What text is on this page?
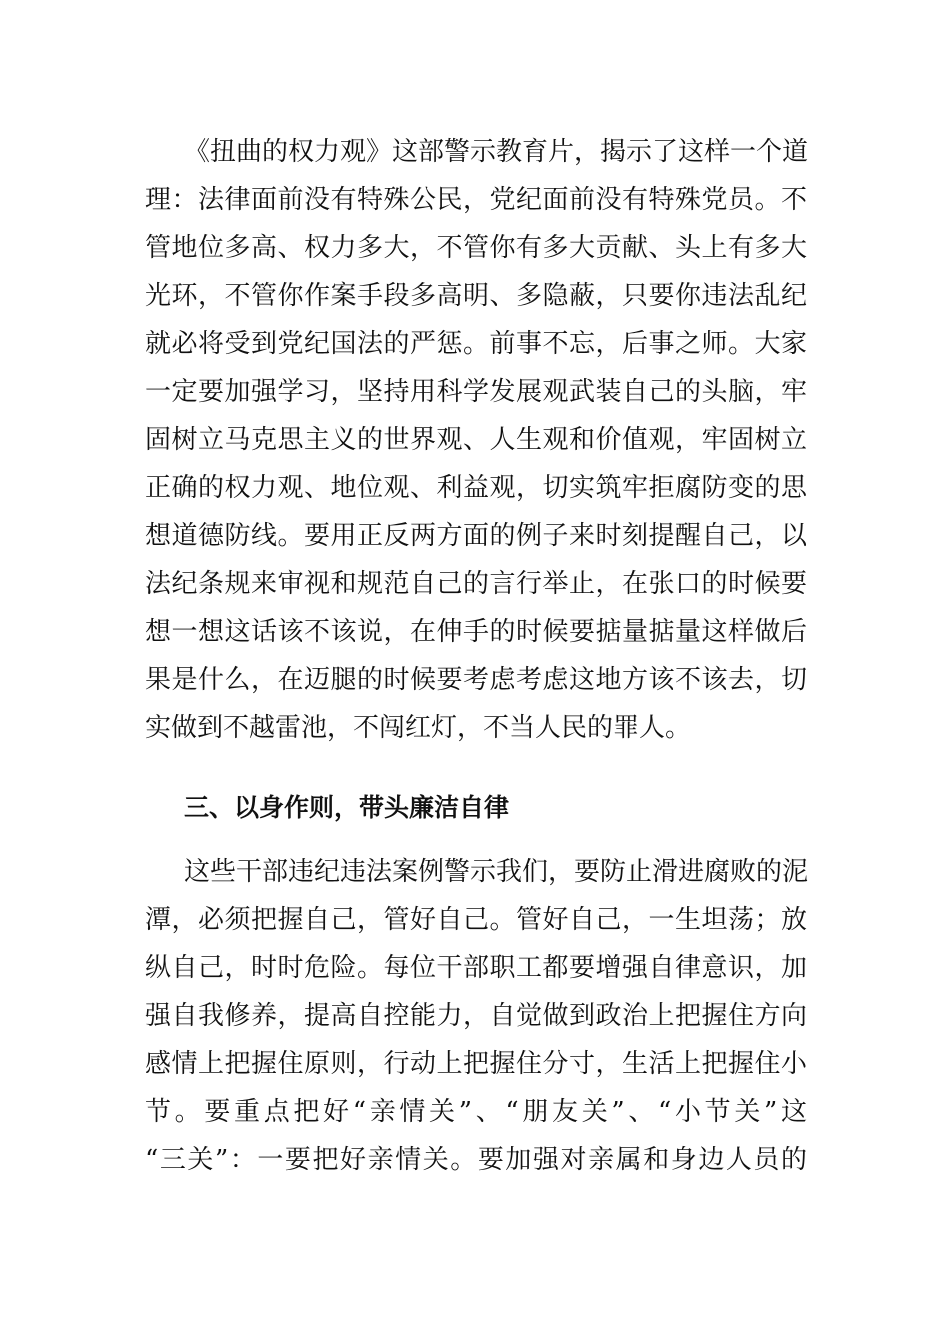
《扭曲的权力观》这部警示教育片，揭示了这样一个道
理：法律面前没有特殊公民，党纪面前没有特殊党员。不
管地位多高、权力多大，不管你有多大贡献、头上有多大
光环，不管你作案手段多高明、多隐蔽，只要你违法乱纪
就必将受到党纪国法的严惩。前事不忘，后事之师。大家
一定要加强学习，坚持用科学发展观武装自己的头脑，牢
固树立马克思主义的世界观、人生观和价值观，牢固树立
正确的权力观、地位观、利益观，切实筑牢拒腐防变的思
想道德防线。要用正反两方面的例子来时刻提醒自己，以
法纪条规来审视和规范自己的言行举止，在张口的时候要
想一想这话该不该说，在伸手的时候要掂量掂量这样做后
果是什么，在迈腿的时候要考虑考虑这地方该不该去，切
实做到不越雷池，不闯红灯，不当人民的罪人。
三、以身作则，带头廉洁自律
这些干部违纪违法案例警示我们，要防止滑进腐败的泥
潭，必须把握自己，管好自己。管好自己，一生坦荡；放
纵自己，时时危险。每位干部职工都要增强自律意识，加
强自我修养，提高自控能力，自觉做到政治上把握住方向
感情上把握住原则，行动上把握住分寸，生活上把握住小
节。要重点把好“亲情关”、“朋友关”、“小节关”这
“三关”：一要把好亲情关。要加强对亲属和身边人员的
